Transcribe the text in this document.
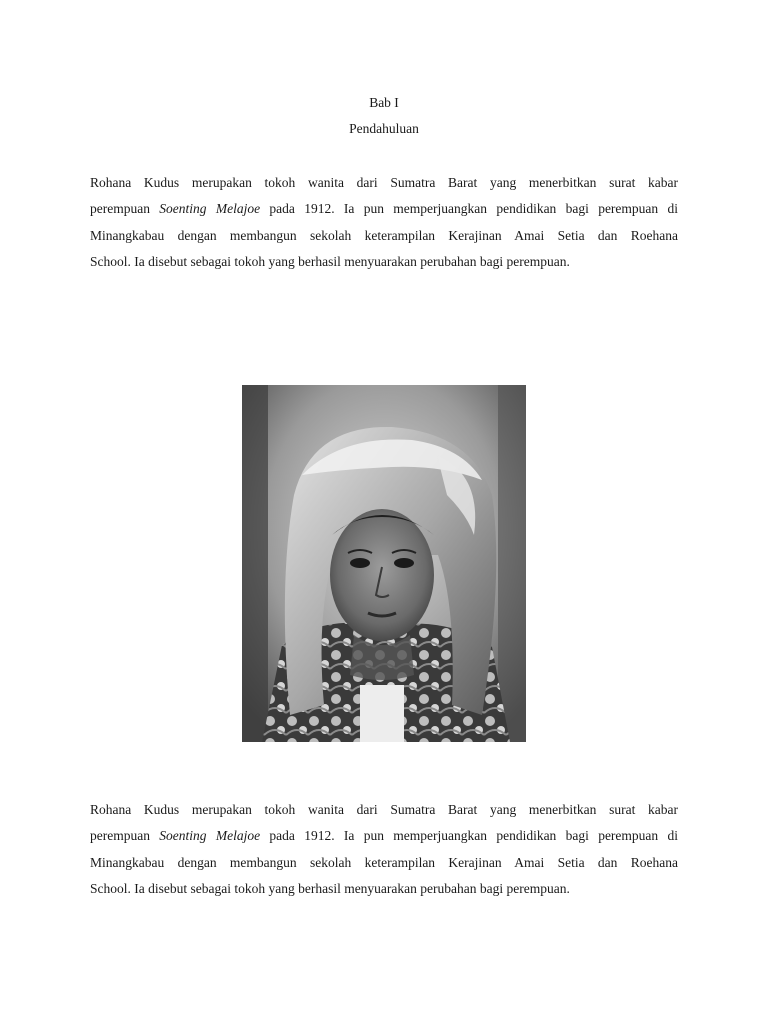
Bab I
Pendahuluan
Rohana Kudus merupakan tokoh wanita dari Sumatra Barat yang menerbitkan surat kabar
perempuan Soenting Melajoe pada 1912. Ia pun memperjuangkan pendidikan bagi perempuan di
Minangkabau dengan membangun sekolah keterampilan Kerajinan Amai Setia dan Roehana
School. Ia disebut sebagai tokoh yang berhasil menyuarakan perubahan bagi perempuan.
Rohana Kudus merupakan tokoh wanita dari Sumatra Barat yang menerbitkan surat kabar
perempuan Soenting Melajoe pada 1912. Ia pun memperjuangkan pendidikan bagi perempuan di
Minangkabau dengan membangun sekolah keterampilan Kerajinan Amai Setia dan Roehana
School. Ia disebut sebagai tokoh yang berhasil menyuarakan perubahan bagi perempuan.
